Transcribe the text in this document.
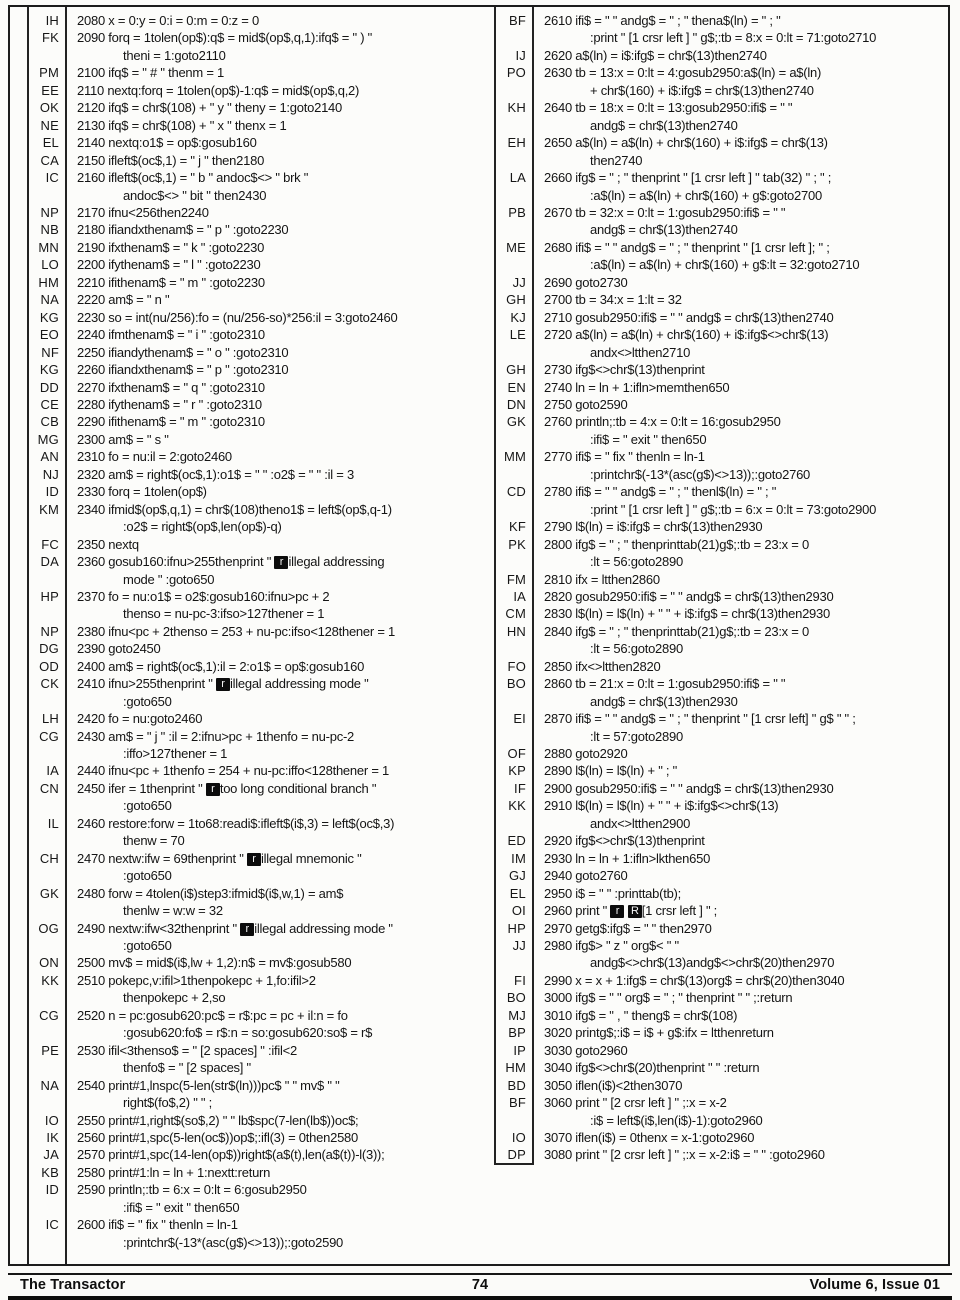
IH	2080 x = 0:y = 0:i = 0:m = 0:z = 0
FK	2090 forq = 1tolen(op$):q$ = mid$(op$,q,1):ifq$ = " ) "
theni = 1:goto2110
PM	2100 ifq$ = " # " thenm = 1
EE	2110 nextq:forq = 1tolen(op$)-1:q$ = mid$(op$,q,2)
OK	2120 ifq$ = chr$(108) + " y " theny = 1:goto2140
NE	2130 ifq$ = chr$(108) + " x " thenx = 1
EL	2140 nextq:o1$ = op$:gosub160
CA	2150 ifleft$(oc$,1) = " j " then2180
IC	2160 ifleft$(oc$,1) = " b " andoc$<> " brk "
andoc$<> " bit " then2430
NP	2170 ifnu<256then2240
NB	2180 ifiandxthenam$ = " p " :goto2230
MN	2190 ifxthenam$ = " k " :goto2230
LO	2200 ifythenam$ = " l " :goto2230
HM	2210 ifithenam$ = " m " :goto2230
NA	2220 am$ = " n "
KG	2230 so = int(nu/256):fo = (nu/256-so)*256:il = 3:goto2460
EO	2240 ifmthenam$ = " i " :goto2310
NF	2250 ifiandythenam$ = " o " :goto2310
KG	2260 ifiandxthenam$ = " p " :goto2310
DD	2270 ifxthenam$ = " q " :goto2310
CE	2280 ifythenam$ = " r " :goto2310
CB	2290 ifithenam$ = " m " :goto2310
MG	2300 am$ = " s "
AN	2310 fo = nu:il = 2:goto2460
NJ	2320 am$ = right$(oc$,1):o1$ = " " :o2$ = " " :il = 3
ID	2330 forq = 1tolen(op$)
KM	2340 ifmid$(op$,q,1) = chr$(108)theno1$ = left$(op$,q-1)
:o2$ = right$(op$,len(op$)-q)
FC	2350 nextq
DA	2360 gosub160:ifnu>255thenprint " r illegal addressing
mode " :goto650
HP	2370 fo = nu:o1$ = o2$:gosub160:ifnu>pc + 2
thenso = nu-pc-3:ifso>127thener = 1
NP	2380 ifnu<pc + 2thenso = 253 + nu-pc:ifso<128thener = 1
DG	2390 goto2450
OD	2400 am$ = right$(oc$,1):il = 2:o1$ = op$:gosub160
CK	2410 ifnu>255thenprint " r illegal addressing mode "
:goto650
LH	2420 fo = nu:goto2460
CG	2430 am$ = " j " :il = 2:ifnu>pc + 1thenfo = nu-pc-2
:iffo>127thener = 1
IA	2440 ifnu<pc + 1thenfo = 254 + nu-pc:iffo<128thener = 1
CN	2450 ifer = 1thenprint " r too long conditional branch "
:goto650
IL	2460 restore:forw = 1to68:readi$:ifleft$(i$,3) = left$(oc$,3)
thenw = 70
CH	2470 nextw:ifw = 69thenprint " r illegal mnemonic "
:goto650
GK	2480 forw = 4tolen(i$)step3:ifmid$(i$,w,1) = am$
thenlw = w:w = 32
OG	2490 nextw:ifw<32thenprint " r illegal addressing mode "
:goto650
ON	2500 mv$ = mid$(i$,lw + 1,2):n$ = mv$:gosub580
KK	2510 pokepc,v:ifil>1thenpokepc + 1,fo:ifil>2
thenpokepc + 2,so
CG	2520 n = pc:gosub620:pc$ = r$:pc = pc + il:n = fo
:gosub620:fo$ = r$:n = so:gosub620:so$ = r$
PE	2530 ifil<3thenso$ = " [2 spaces] " :ifil<2
thenfo$ = " [2 spaces] "
NA	2540 print#1,lnspc(5-len(str$(ln)))pc$ " " mv$ " "
right$(fo$,2) " " ;
IO	2550 print#1,right$(so$,2) " " lb$spc(7-len(lb$))oc$;
IK	2560 print#1,spc(5-len(oc$))op$;:ifl(3) = 0then2580
JA	2570 print#1,spc(14-len(op$))right$(a$(t),len(a$(t))-l(3));
KB	2580 print#1:ln = ln + 1:nextt:return
ID	2590 println;:tb = 6:x = 0:lt = 6:gosub2950
:ifi$ = " exit " then650
IC	2600 ifi$ = " fix " thenln = ln-1
:printchr$(-13*(asc(g$)<>13));:goto2590
BF	2610 ifi$ = " " andg$ = " ; " thena$(ln) = " ; "
:print " [1 crsr left ] " g$;:tb = 8:x = 0:lt = 71:goto2710
IJ	2620 a$(ln) = i$:ifg$ = chr$(13)then2740
PO	2630 tb = 13:x = 0:lt = 4:gosub2950:a$(ln) = a$(ln)
+ chr$(160) + i$:ifg$ = chr$(13)then2740
KH	2640 tb = 18:x = 0:lt = 13:gosub2950:ifi$ = " "
andg$ = chr$(13)then2740
EH	2650 a$(ln) = a$(ln) + chr$(160) + i$:ifg$ = chr$(13)
then2740
LA	2660 ifg$ = " ; " thenprint " [1 crsr left ] " tab(32) " ; " ;
:a$(ln) = a$(ln) + chr$(160) + g$:goto2700
PB	2670 tb = 32:x = 0:lt = 1:gosub2950:ifi$ = " "
andg$ = chr$(13)then2740
ME	2680 ifi$ = " " andg$ = " ; " thenprint " [1 crsr left ]; " ;
:a$(ln) = a$(ln) + chr$(160) + g$:lt = 32:goto2710
JJ	2690 goto2730
GH	2700 tb = 34:x = 1:lt = 32
KJ	2710 gosub2950:ifi$ = " " andg$ = chr$(13)then2740
LE	2720 a$(ln) = a$(ln) + chr$(160) + i$:ifg$<>chr$(13)
andx<>ltthen2710
GH	2730 ifg$<>chr$(13)thenprint
EN	2740 ln = ln + 1:ifln>memthen650
DN	2750 goto2590
GK	2760 println;:tb = 4:x = 0:lt = 16:gosub2950
:ifi$ = " exit " then650
MM	2770 ifi$ = " fix " thenln = ln-1
:printchr$(-13*(asc(g$)<>13));:goto2760
CD	2780 ifi$ = " " andg$ = " ; " thenl$(ln) = " ; "
:print " [1 crsr left ] " g$;:tb = 6:x = 0:lt = 73:goto2900
KF	2790 l$(ln) = i$:ifg$ = chr$(13)then2930
PK	2800 ifg$ = " ; " thenprinttab(21)g$;:tb = 23:x = 0
:lt = 56:goto2890
FM	2810 ifx = ltthen2860
IA	2820 gosub2950:ifi$ = " " andg$ = chr$(13)then2930
CM	2830 l$(ln) = l$(ln) + " " + i$:ifg$ = chr$(13)then2930
HN	2840 ifg$ = " ; " thenprinttab(21)g$;:tb = 23:x = 0
:lt = 56:goto2890
FO	2850 ifx<>ltthen2820
BO	2860 tb = 21:x = 0:lt = 1:gosub2950:ifi$ = " "
andg$ = chr$(13)then2930
EI	2870 ifi$ = " " andg$ = " ; " thenprint " [1 crsr left] " g$ " " ;
:lt = 57:goto2890
OF	2880 goto2920
KP	2890 l$(ln) = l$(ln) + " ; "
IF	2900 gosub2950:ifi$ = " " andg$ = chr$(13)then2930
KK	2910 l$(ln) = l$(ln) + " " + i$:ifg$<>chr$(13)
andx<>ltthen2900
ED	2920 ifg$<>chr$(13)thenprint
IM	2930 ln = ln + 1:ifln>lkthen650
GJ	2940 goto2760
EL	2950 i$ = " " :printtab(tb);
OI	2960 print " r R [1 crsr left ] " ;
HP	2970 getg$:ifg$ = " " then2970
JJ	2980 ifg$> " z " org$< " "
andg$<>chr$(13)andg$<>chr$(20)then2970
FI	2990 x = x + 1:ifg$ = chr$(13)org$ = chr$(20)then3040
BO	3000 ifg$ = " " org$ = " ; " thenprint " " ;:return
MJ	3010 ifg$ = " , " theng$ = chr$(108)
BP	3020 printg$;:i$ = i$ + g$:ifx = ltthenreturn
IP	3030 goto2960
HM	3040 ifg$<>chr$(20)thenprint " " :return
BD	3050 iflen(i$)<2then3070
BF	3060 print " [2 crsr left ] " ;:x = x-2
:i$ = left$(i$,len(i$)-1):goto2960
IO	3070 iflen(i$) = 0thenx = x-1:goto2960
DP	3080 print " [2 crsr left ] " ;:x = x-2:i$ = " " :goto2960
The Transactor	74	Volume 6, Issue 01
